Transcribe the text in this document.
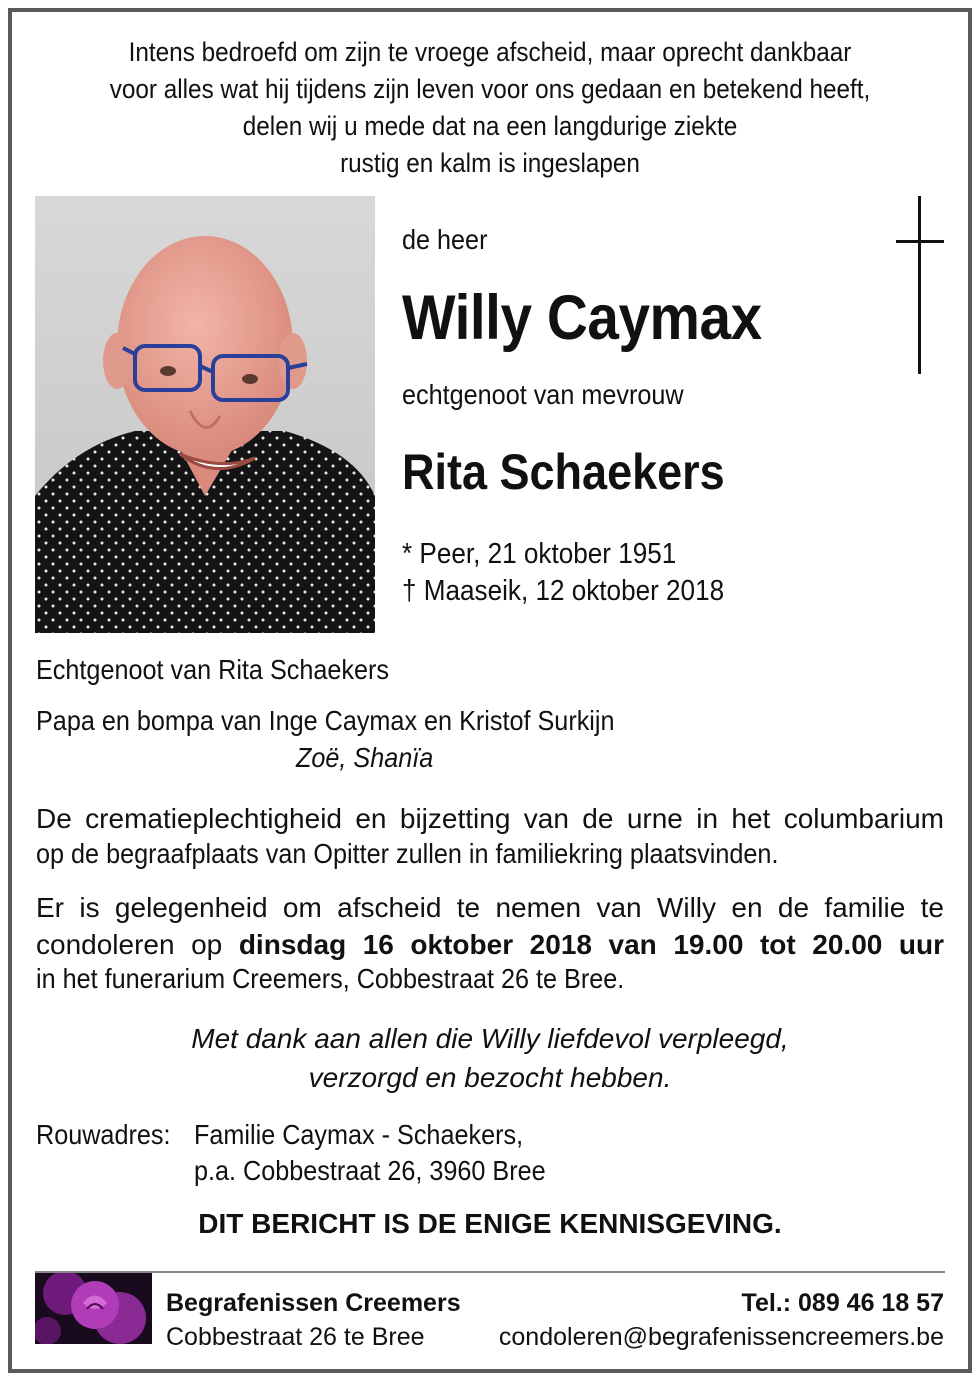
Intens bedroefd om zijn te vroege afscheid, maar oprecht dankbaar
voor alles wat hij tijdens zijn leven voor ons gedaan en betekend heeft,
delen wij u mede dat na een langdurige ziekte
rustig en kalm is ingeslapen
de heer
Willy Caymax
echtgenoot van mevrouw
Rita Schaekers
* Peer, 21 oktober 1951
† Maaseik, 12 oktober 2018
Echtgenoot van Rita Schaekers
Papa en bompa van Inge Caymax en Kristof Surkijn
Zoë, Shanïa
De crematieplechtigheid en bijzetting van de urne in het columbarium
op de begraafplaats van Opitter zullen in familiekring plaatsvinden.
Er is gelegenheid om afscheid te nemen van Willy en de familie te
condoleren op dinsdag 16 oktober 2018 van 19.00 tot 20.00 uur
in het funerarium Creemers, Cobbestraat 26 te Bree.
Met dank aan allen die Willy liefdevol verpleegd,
verzorgd en bezocht hebben.
Rouwadres: Familie Caymax - Schaekers,
p.a. Cobbestraat 26, 3960 Bree
DIT BERICHT IS DE ENIGE KENNISGEVING.
Begrafenissen Creemers
Cobbestraat 26 te Bree
Tel.: 089 46 18 57
condoleren@begrafenissencreemers.be
